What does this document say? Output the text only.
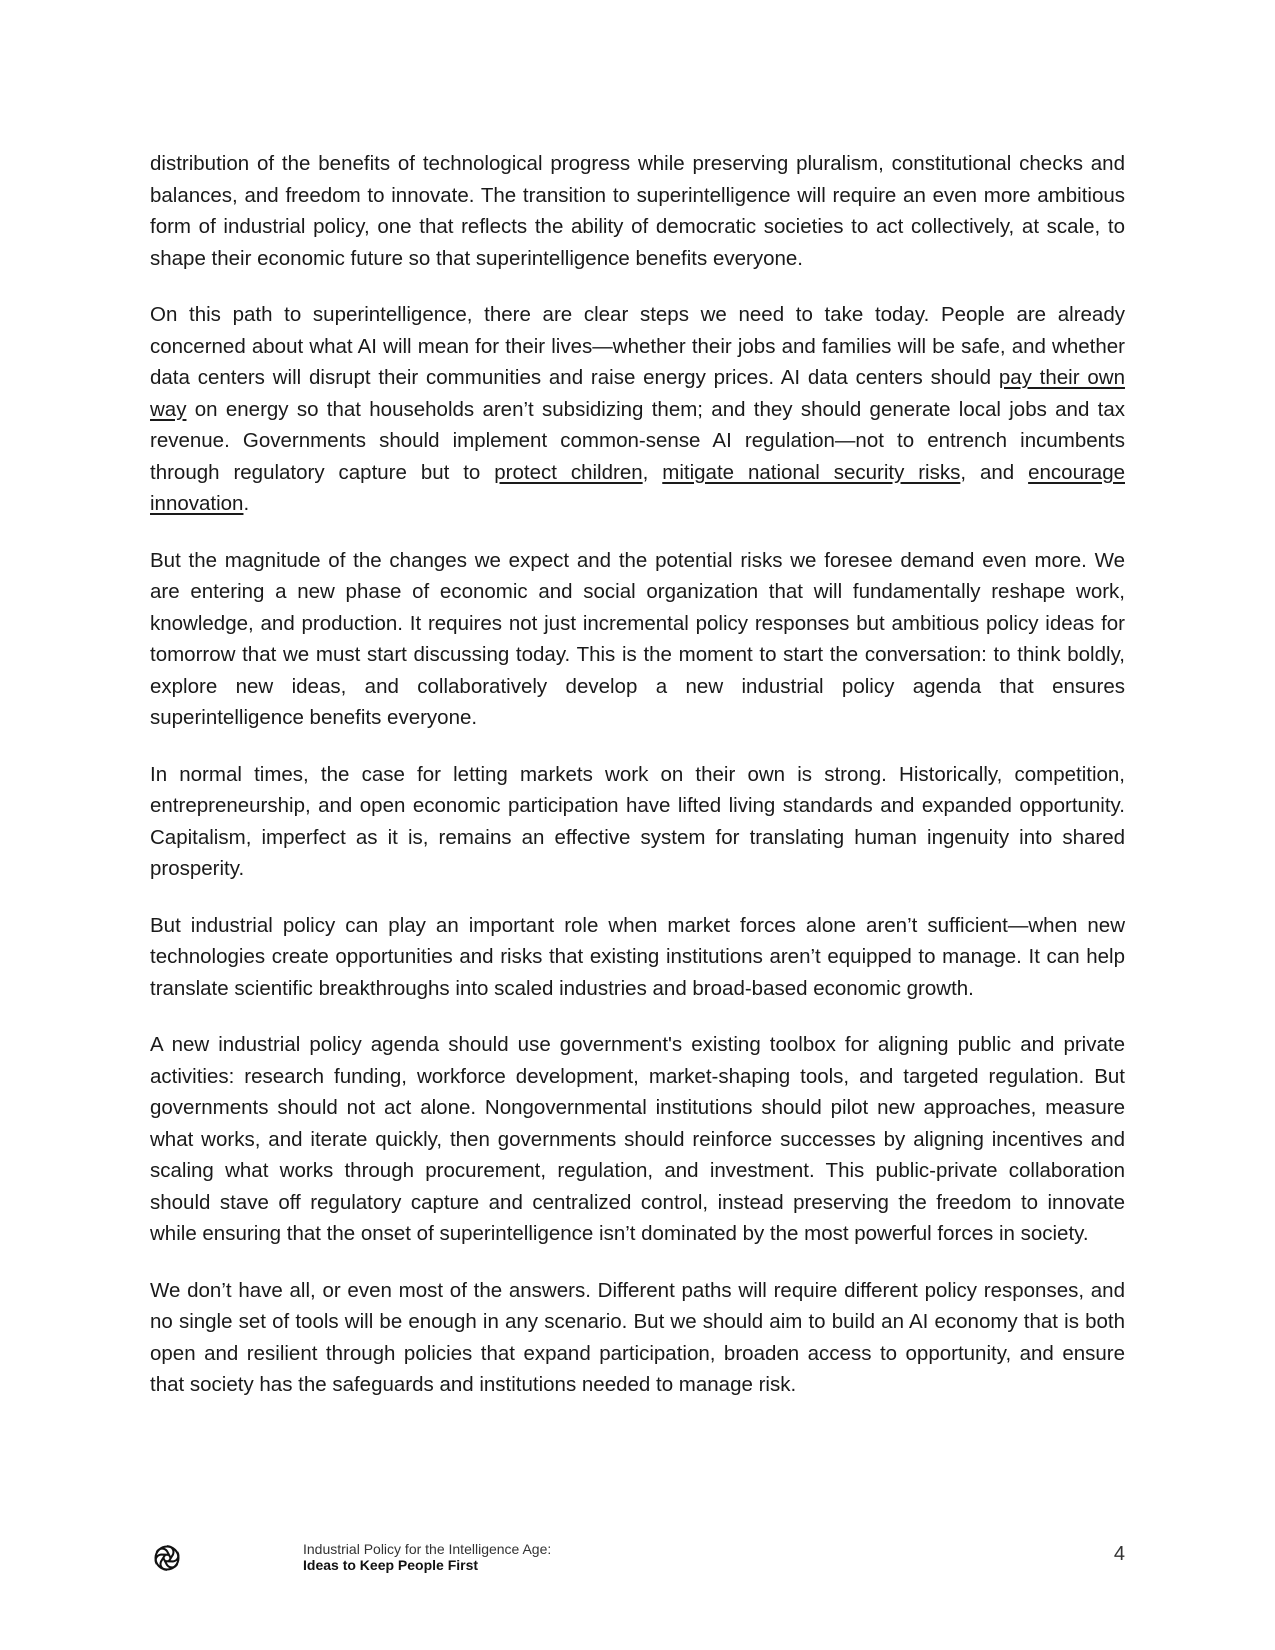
distribution of the benefits of technological progress while preserving pluralism, constitutional checks and balances, and freedom to innovate. The transition to superintelligence will require an even more ambitious form of industrial policy, one that reflects the ability of democratic societies to act collectively, at scale, to shape their economic future so that superintelligence benefits everyone.

On this path to superintelligence, there are clear steps we need to take today. People are already concerned about what AI will mean for their lives—whether their jobs and families will be safe, and whether data centers will disrupt their communities and raise energy prices. AI data centers should pay their own way on energy so that households aren’t subsidizing them; and they should generate local jobs and tax revenue. Governments should implement common-sense AI regulation—not to entrench incumbents through regulatory capture but to protect children, mitigate national security risks, and encourage innovation.

But the magnitude of the changes we expect and the potential risks we foresee demand even more. We are entering a new phase of economic and social organization that will fundamentally reshape work, knowledge, and production. It requires not just incremental policy responses but ambitious policy ideas for tomorrow that we must start discussing today. This is the moment to start the conversation: to think boldly, explore new ideas, and collaboratively develop a new industrial policy agenda that ensures superintelligence benefits everyone.

In normal times, the case for letting markets work on their own is strong. Historically, competition, entrepreneurship, and open economic participation have lifted living standards and expanded opportunity. Capitalism, imperfect as it is, remains an effective system for translating human ingenuity into shared prosperity.

But industrial policy can play an important role when market forces alone aren’t sufficient—when new technologies create opportunities and risks that existing institutions aren’t equipped to manage. It can help translate scientific breakthroughs into scaled industries and broad-based economic growth.

A new industrial policy agenda should use government's existing toolbox for aligning public and private activities: research funding, workforce development, market-shaping tools, and targeted regulation. But governments should not act alone. Nongovernmental institutions should pilot new approaches, measure what works, and iterate quickly, then governments should reinforce successes by aligning incentives and scaling what works through procurement, regulation, and investment. This public-private collaboration should stave off regulatory capture and centralized control, instead preserving the freedom to innovate while ensuring that the onset of superintelligence isn’t dominated by the most powerful forces in society.

We don’t have all, or even most of the answers. Different paths will require different policy responses, and no single set of tools will be enough in any scenario. But we should aim to build an AI economy that is both open and resilient through policies that expand participation, broaden access to opportunity, and ensure that society has the safeguards and institutions needed to manage risk.

Industrial Policy for the Intelligence Age:
Ideas to Keep People First	4
